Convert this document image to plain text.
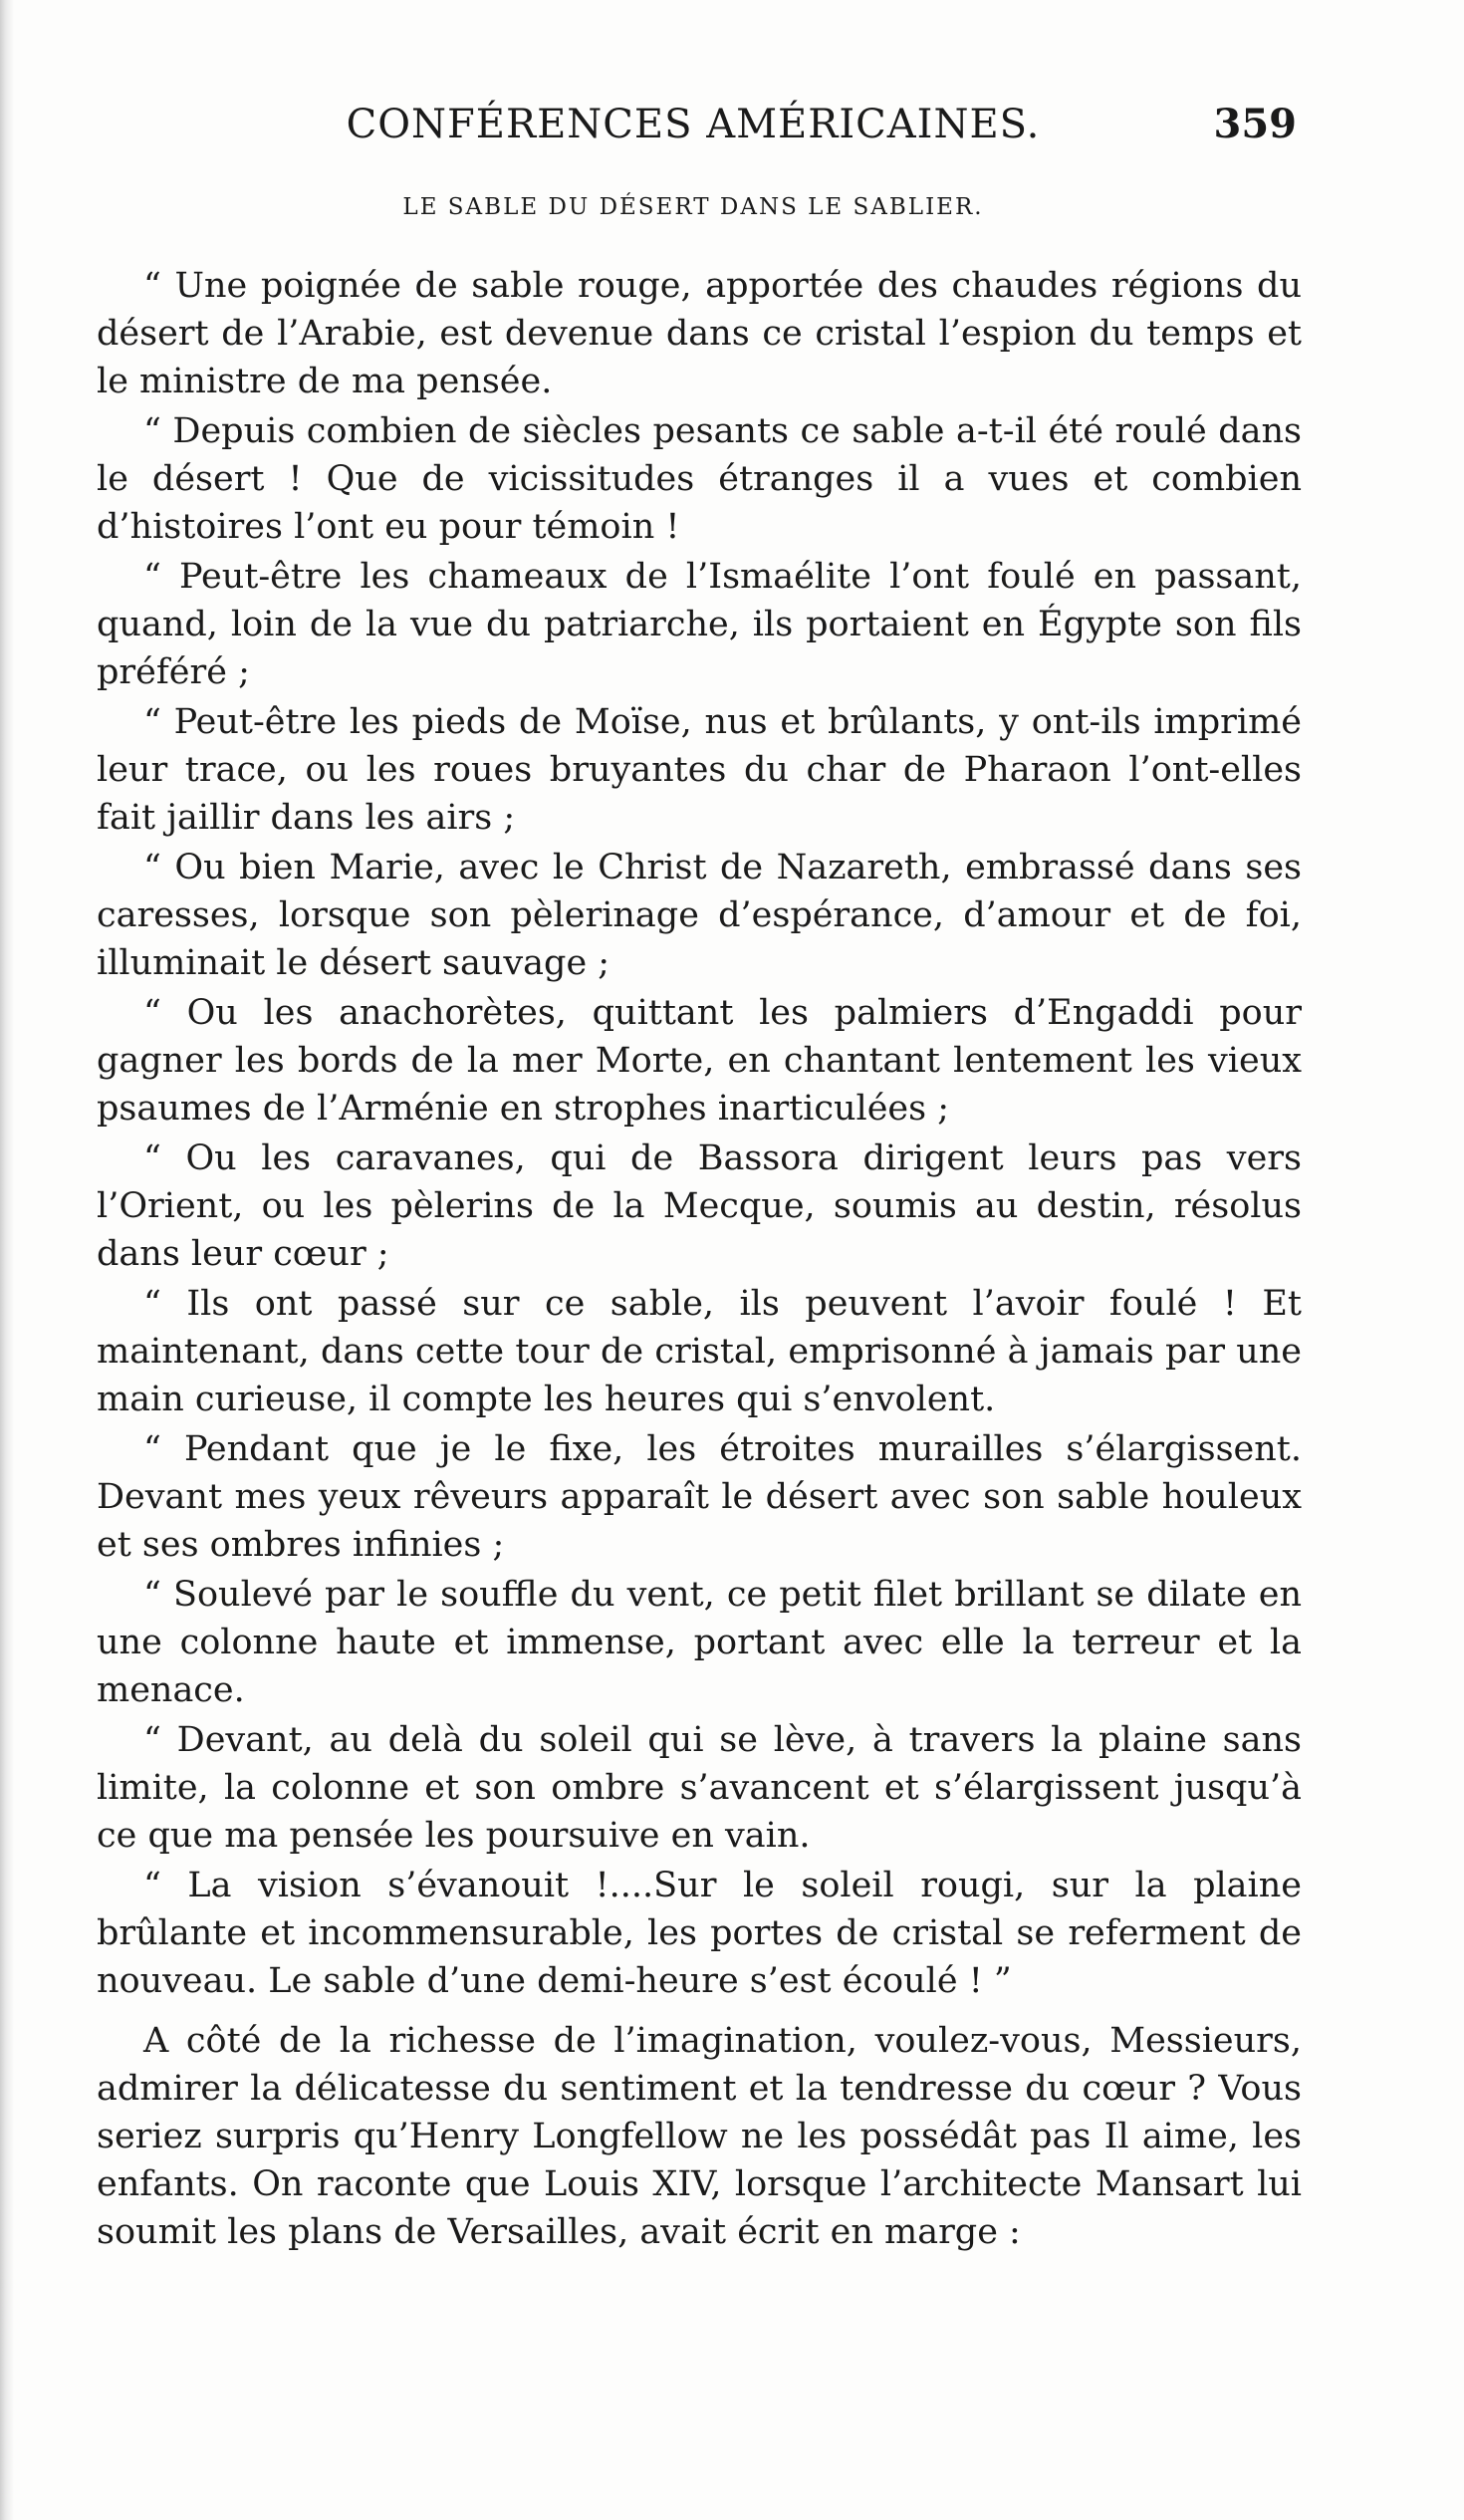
CONFÉRENCES AMÉRICAINES.	359
LE SABLE DU DÉSERT DANS LE SABLIER.

“ Une poignée de sable rouge, apportée des chaudes régions du désert de l’Arabie, est devenue dans ce cristal l’espion du temps et le ministre de ma pensée.

“ Depuis combien de siècles pesants ce sable a-t-il été roulé dans le désert ! Que de vicissitudes étranges il a vues et combien d’histoires l’ont eu pour témoin !

“ Peut-être les chameaux de l’Ismaélite l’ont foulé en passant, quand, loin de la vue du patriarche, ils portaient en Égypte son fils préféré ;

“ Peut-être les pieds de Moïse, nus et brûlants, y ont-ils imprimé leur trace, ou les roues bruyantes du char de Pharaon l’ont-elles fait jaillir dans les airs ;

“ Ou bien Marie, avec le Christ de Nazareth, embrassé dans ses caresses, lorsque son pèlerinage d’espérance, d’amour et de foi, illuminait le désert sauvage ;

“ Ou les anachorètes, quittant les palmiers d’Engaddi pour gagner les bords de la mer Morte, en chantant lentement les vieux psaumes de l’Arménie en strophes inarticulées ;

“ Ou les caravanes, qui de Bassora dirigent leurs pas vers l’Orient, ou les pèlerins de la Mecque, soumis au destin, résolus dans leur cœur ;

“ Ils ont passé sur ce sable, ils peuvent l’avoir foulé ! Et maintenant, dans cette tour de cristal, emprisonné à jamais par une main curieuse, il compte les heures qui s’envolent.

“ Pendant que je le fixe, les étroites murailles s’élargissent. Devant mes yeux rêveurs apparaît le désert avec son sable houleux et ses ombres infinies ;

“ Soulevé par le souffle du vent, ce petit filet brillant se dilate en une colonne haute et immense, portant avec elle la terreur et la menace.

“ Devant, au delà du soleil qui se lève, à travers la plaine sans limite, la colonne et son ombre s’avancent et s’élargissent jusqu’à ce que ma pensée les poursuive en vain.

“ La vision s’évanouit !....Sur le soleil rougi, sur la plaine brûlante et incommensurable, les portes de cristal se referment de nouveau. Le sable d’une demi-heure s’est écoulé ! ”

A côté de la richesse de l’imagination, voulez-vous, Messieurs, admirer la délicatesse du sentiment et la tendresse du cœur ? Vous seriez surpris qu’Henry Longfellow ne les possédât pas Il aime, les enfants. On raconte que Louis XIV, lorsque l’architecte Mansart lui soumit les plans de Versailles, avait écrit en marge :
